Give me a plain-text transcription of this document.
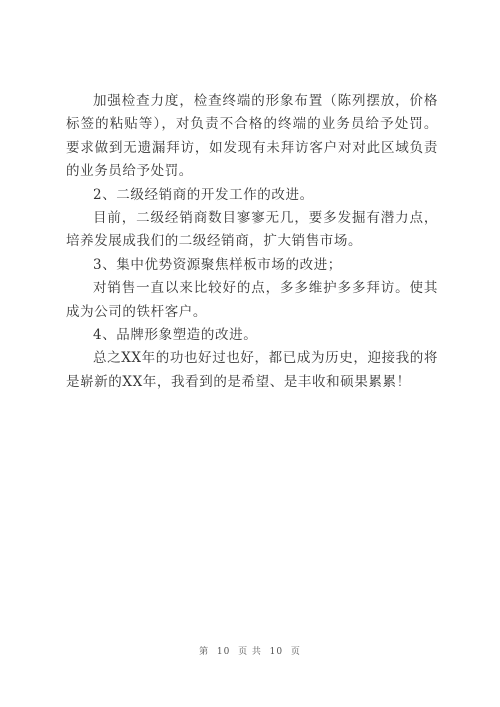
加强检查力度，检查终端的形象布置（陈列摆放，价格标签的粘贴等），对负责不合格的终端的业务员给予处罚。要求做到无遗漏拜访，如发现有未拜访客户对对此区域负责的业务员给予处罚。

2、二级经销商的开发工作的改进。

目前，二级经销商数目寥寥无几，要多发掘有潜力点，培养发展成我们的二级经销商，扩大销售市场。

3、集中优势资源聚焦样板市场的改进；

对销售一直以来比较好的点，多多维护多多拜访。使其成为公司的铁杆客户。

4、品牌形象塑造的改进。

总之XX年的功也好过也好，都已成为历史，迎接我的将是崭新的XX年，我看到的是希望、是丰收和硕果累累！

第  10  页 共  10  页
